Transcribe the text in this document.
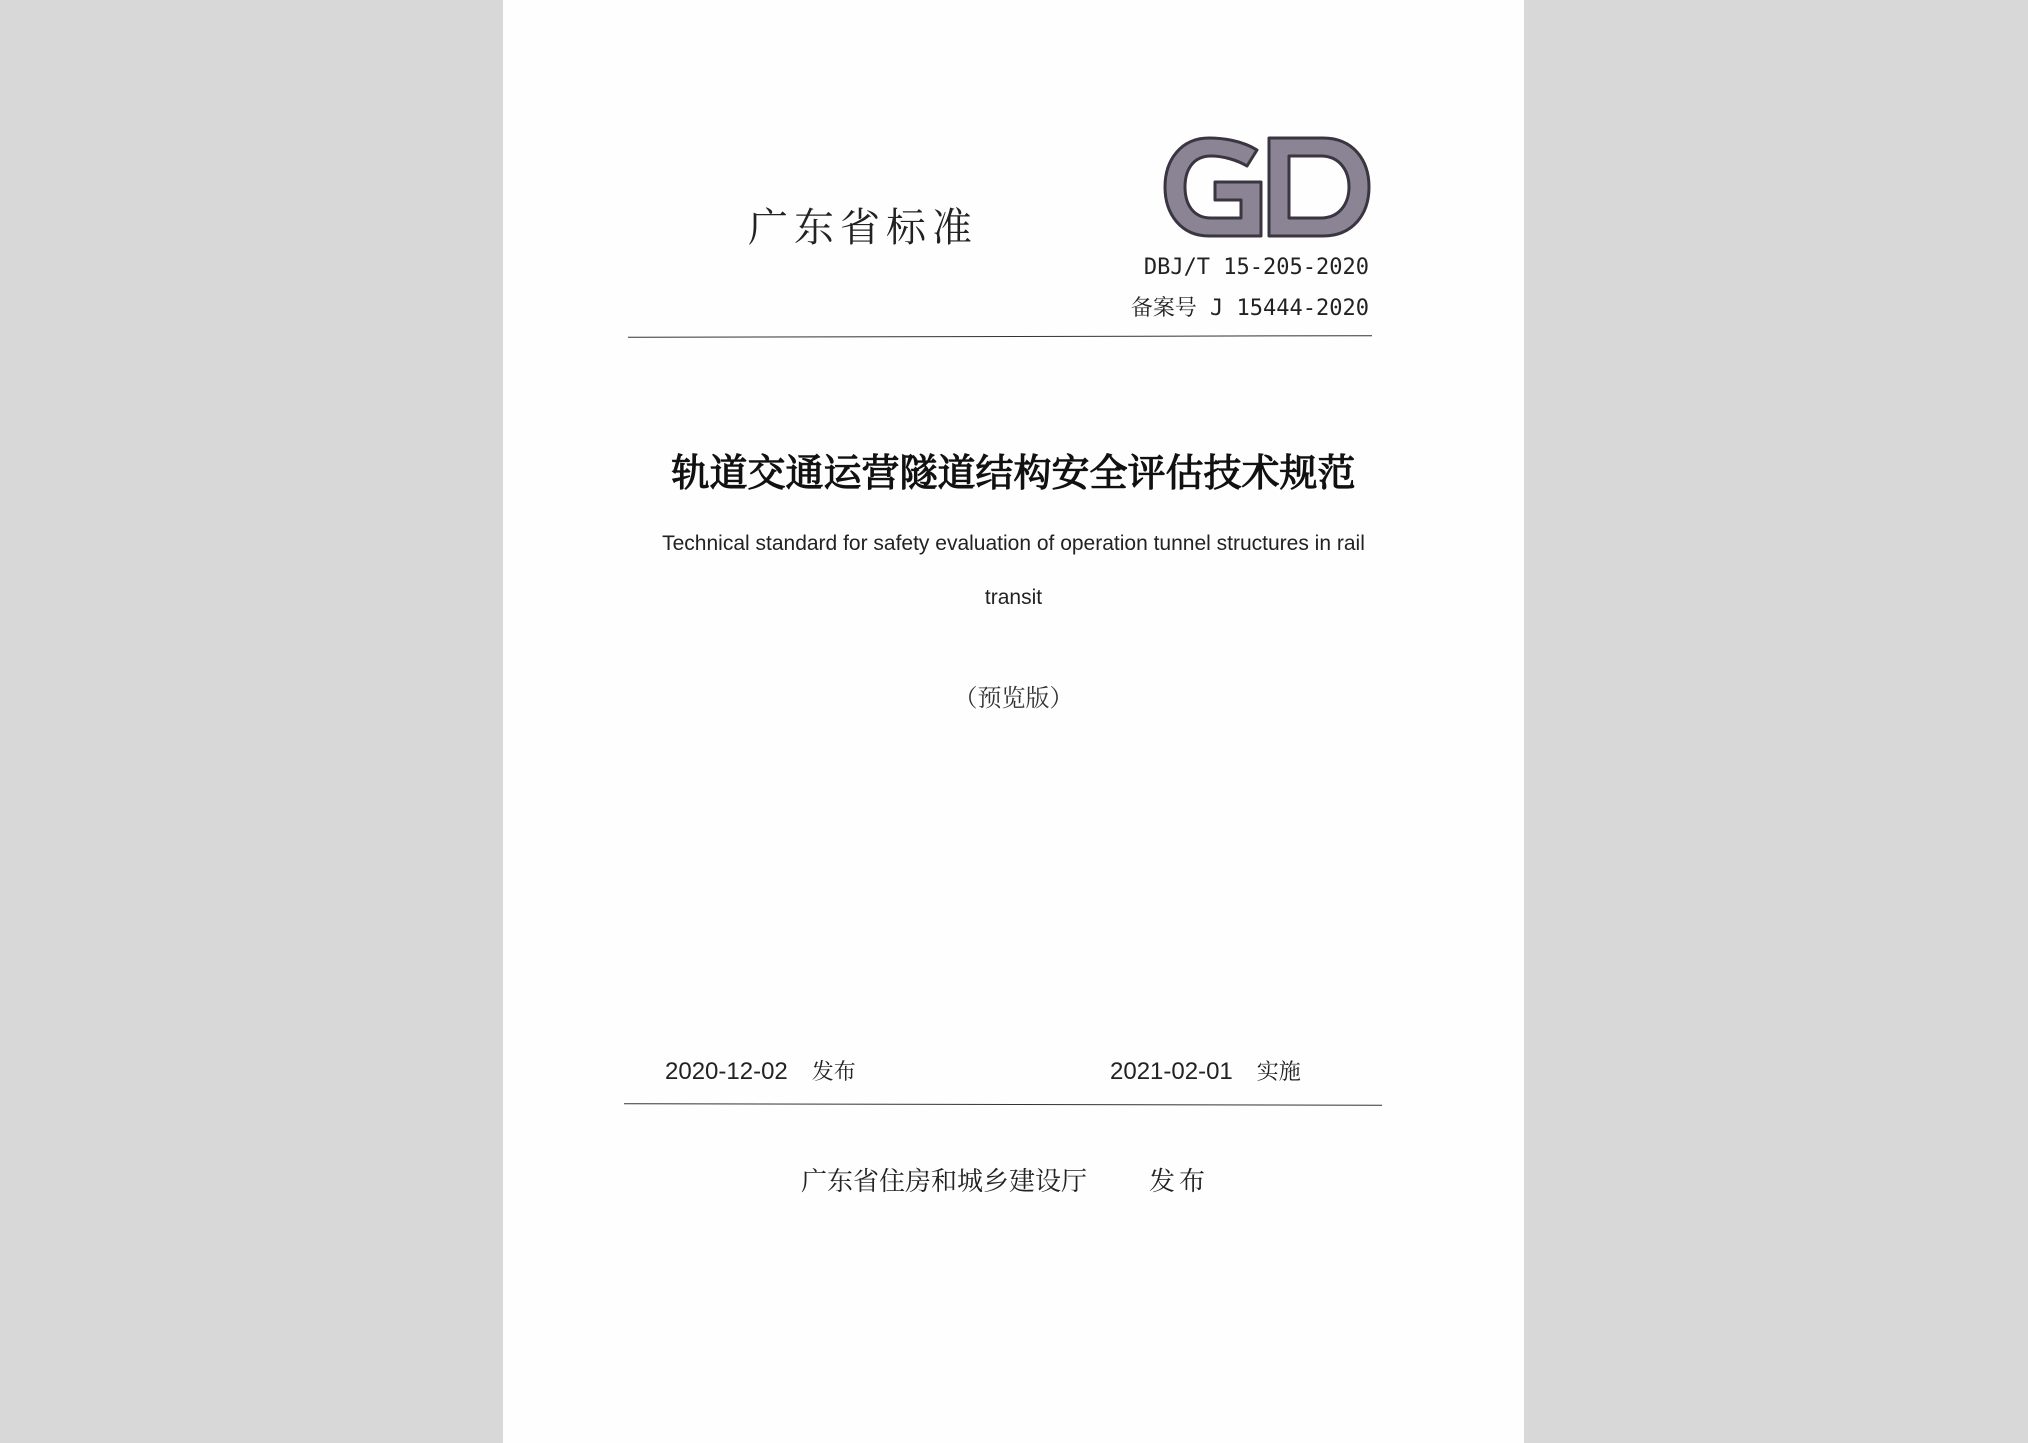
广东省标准
DBJ/T 15-205-2020
备案号 J 15444-2020
轨道交通运营隧道结构安全评估技术规范
Technical standard for safety evaluation of operation tunnel structures in rail transit
（预览版）
2020-12-02 发布	2021-02-01 实施
广东省住房和城乡建设厅 发布
